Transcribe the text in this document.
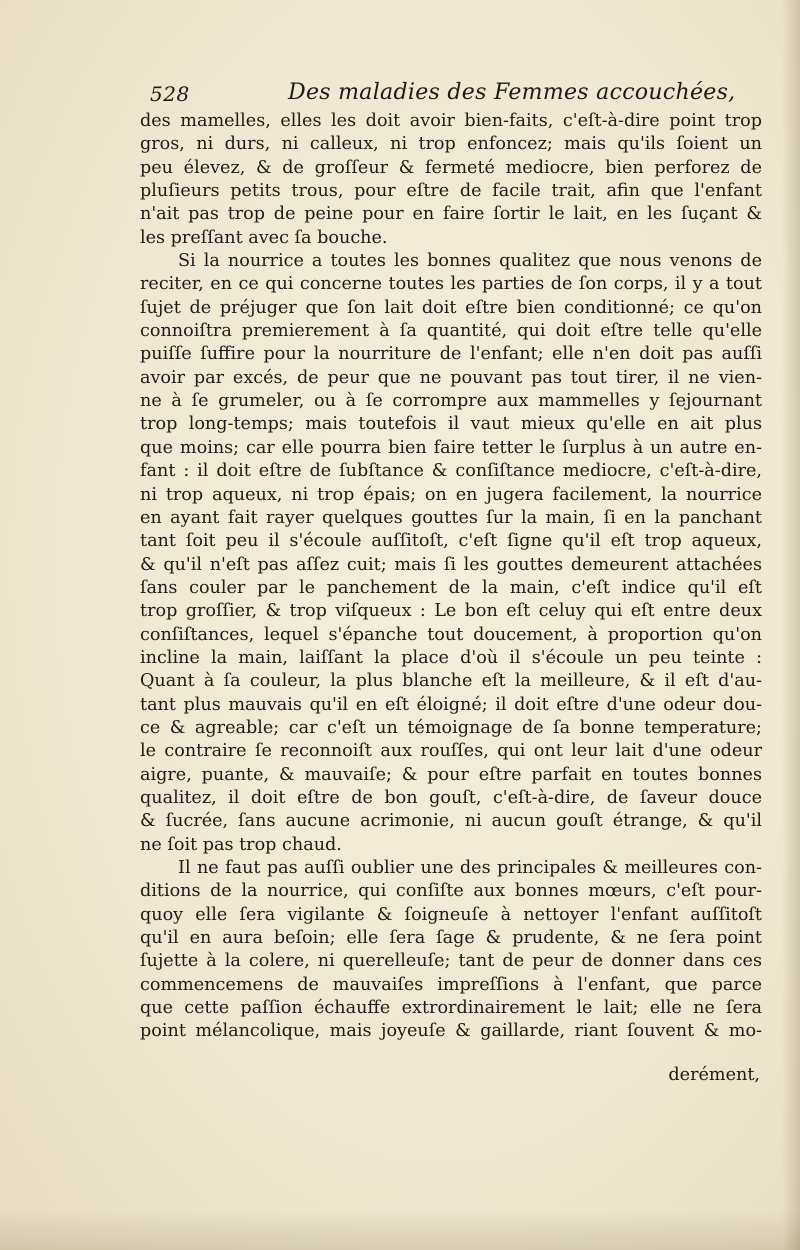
528	Des maladies des Femmes accouchées,
des mamelles, elles les doit avoir bien-faits, c'eſt-à-dire point trop
gros, ni durs, ni calleux, ni trop enfoncez; mais qu'ils ſoient un
peu élevez, & de groſſeur & fermeté mediocre, bien perforez de
pluſieurs petits trous, pour eſtre de facile trait, afin que l'enfant
n'ait pas trop de peine pour en faire ſortir le lait, en les ſuçant &
les preſſant avec ſa bouche.
Si la nourrice a toutes les bonnes qualitez que nous venons de
reciter, en ce qui concerne toutes les parties de ſon corps, il y a tout
ſujet de préjuger que ſon lait doit eſtre bien conditionné; ce qu'on
connoiſtra premierement à ſa quantité, qui doit eſtre telle qu'elle
puiſſe ſuffire pour la nourriture de l'enfant; elle n'en doit pas auſſi
avoir par excés, de peur que ne pouvant pas tout tirer, il ne vien-
ne à ſe grumeler, ou à ſe corrompre aux mammelles y ſejournant
trop long-temps; mais toutefois il vaut mieux qu'elle en ait plus
que moins; car elle pourra bien faire tetter le ſurplus à un autre en-
fant : il doit eſtre de ſubſtance & conſiſtance mediocre, c'eſt-à-dire,
ni trop aqueux, ni trop épais; on en jugera facilement, la nourrice
en ayant fait rayer quelques gouttes ſur la main, ſi en la panchant
tant ſoit peu il s'écoule auſſitoſt, c'eſt ſigne qu'il eſt trop aqueux,
& qu'il n'eſt pas aſſez cuit; mais ſi les gouttes demeurent attachées
ſans couler par le panchement de la main, c'eſt indice qu'il eſt
trop groſſier, & trop viſqueux : Le bon eſt celuy qui eſt entre deux
conſiſtances, lequel s'épanche tout doucement, à proportion qu'on
incline la main, laiſſant la place d'où il s'écoule un peu teinte :
Quant à ſa couleur, la plus blanche eſt la meilleure, & il eſt d'au-
tant plus mauvais qu'il en eſt éloigné; il doit eſtre d'une odeur dou-
ce & agreable; car c'eſt un témoignage de ſa bonne temperature;
le contraire ſe reconnoiſt aux rouſſes, qui ont leur lait d'une odeur
aigre, puante, & mauvaiſe; & pour eſtre parfait en toutes bonnes
qualitez, il doit eſtre de bon gouſt, c'eſt-à-dire, de ſaveur douce
& ſucrée, ſans aucune acrimonie, ni aucun gouſt étrange, & qu'il
ne ſoit pas trop chaud.
Il ne faut pas auſſi oublier une des principales & meilleures con-
ditions de la nourrice, qui conſiſte aux bonnes mœurs, c'eſt pour-
quoy elle ſera vigilante & ſoigneuſe à nettoyer l'enfant auſſitoſt
qu'il en aura beſoin; elle ſera ſage & prudente, & ne ſera point
ſujette à la colere, ni querelleuſe; tant de peur de donner dans ces
commencemens de mauvaiſes impreſſions à l'enfant, que parce
que cette paſſion échauffe extrordinairement le lait; elle ne ſera
point mélancolique, mais joyeuſe & gaillarde, riant ſouvent & mo-
derément,
